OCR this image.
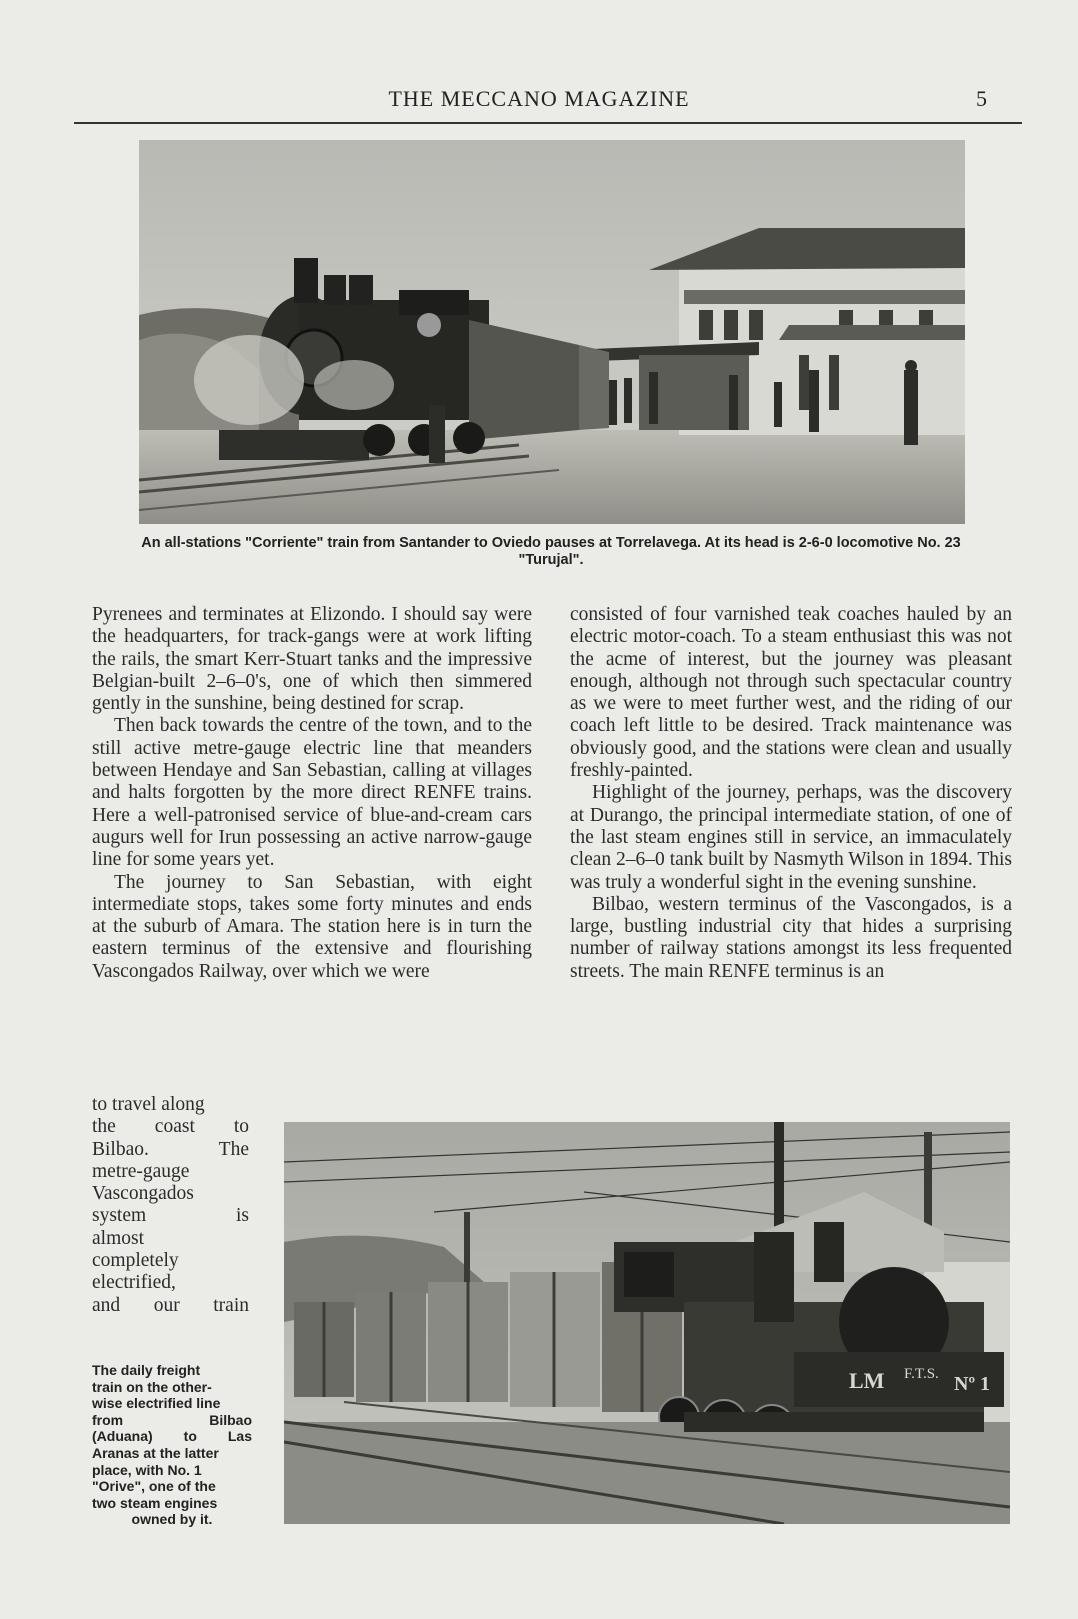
THE MECCANO MAGAZINE	5
An all-stations "Corriente" train from Santander to Oviedo pauses at Torrelavega. At its head is 2-6-0 locomotive No. 23 "Turujal".

Pyrenees and terminates at Elizondo. I should say were the headquarters, for track-gangs were at work lifting the rails, the smart Kerr-Stuart tanks and the impressive Belgian-built 2–6–0's, one of which then simmered gently in the sunshine, being destined for scrap.

Then back towards the centre of the town, and to the still active metre-gauge electric line that meanders between Hendaye and San Sebastian, calling at villages and halts forgotten by the more direct RENFE trains. Here a well-patronised service of blue-and-cream cars augurs well for Irun possessing an active narrow-gauge line for some years yet.

The journey to San Sebastian, with eight intermediate stops, takes some forty minutes and ends at the suburb of Amara. The station here is in turn the eastern terminus of the extensive and flourishing Vascongados Railway, over which we were

to travel along
the coast to
Bilbao. The
metre-gauge
Vascongados
system is
almost
completely
electrified,
and our train

consisted of four varnished teak coaches hauled by an electric motor-coach. To a steam enthusiast this was not the acme of interest, but the journey was pleasant enough, although not through such spectacular country as we were to meet further west, and the riding of our coach left little to be desired. Track maintenance was obviously good, and the stations were clean and usually freshly-painted.

Highlight of the journey, perhaps, was the discovery at Durango, the principal intermediate station, of one of the last steam engines still in service, an immaculately clean 2–6–0 tank built by Nasmyth Wilson in 1894. This was truly a wonderful sight in the evening sunshine.

Bilbao, western terminus of the Vascongados, is a large, bustling industrial city that hides a surprising number of railway stations amongst its less frequented streets. The main RENFE terminus is an

LM F.T.S. Nº 1
The daily freight
train on the other-
wise electrified line
from Bilbao
(Aduana) to Las
Aranas at the latter
place, with No. 1
"Orive", one of the
two steam engines
owned by it.
